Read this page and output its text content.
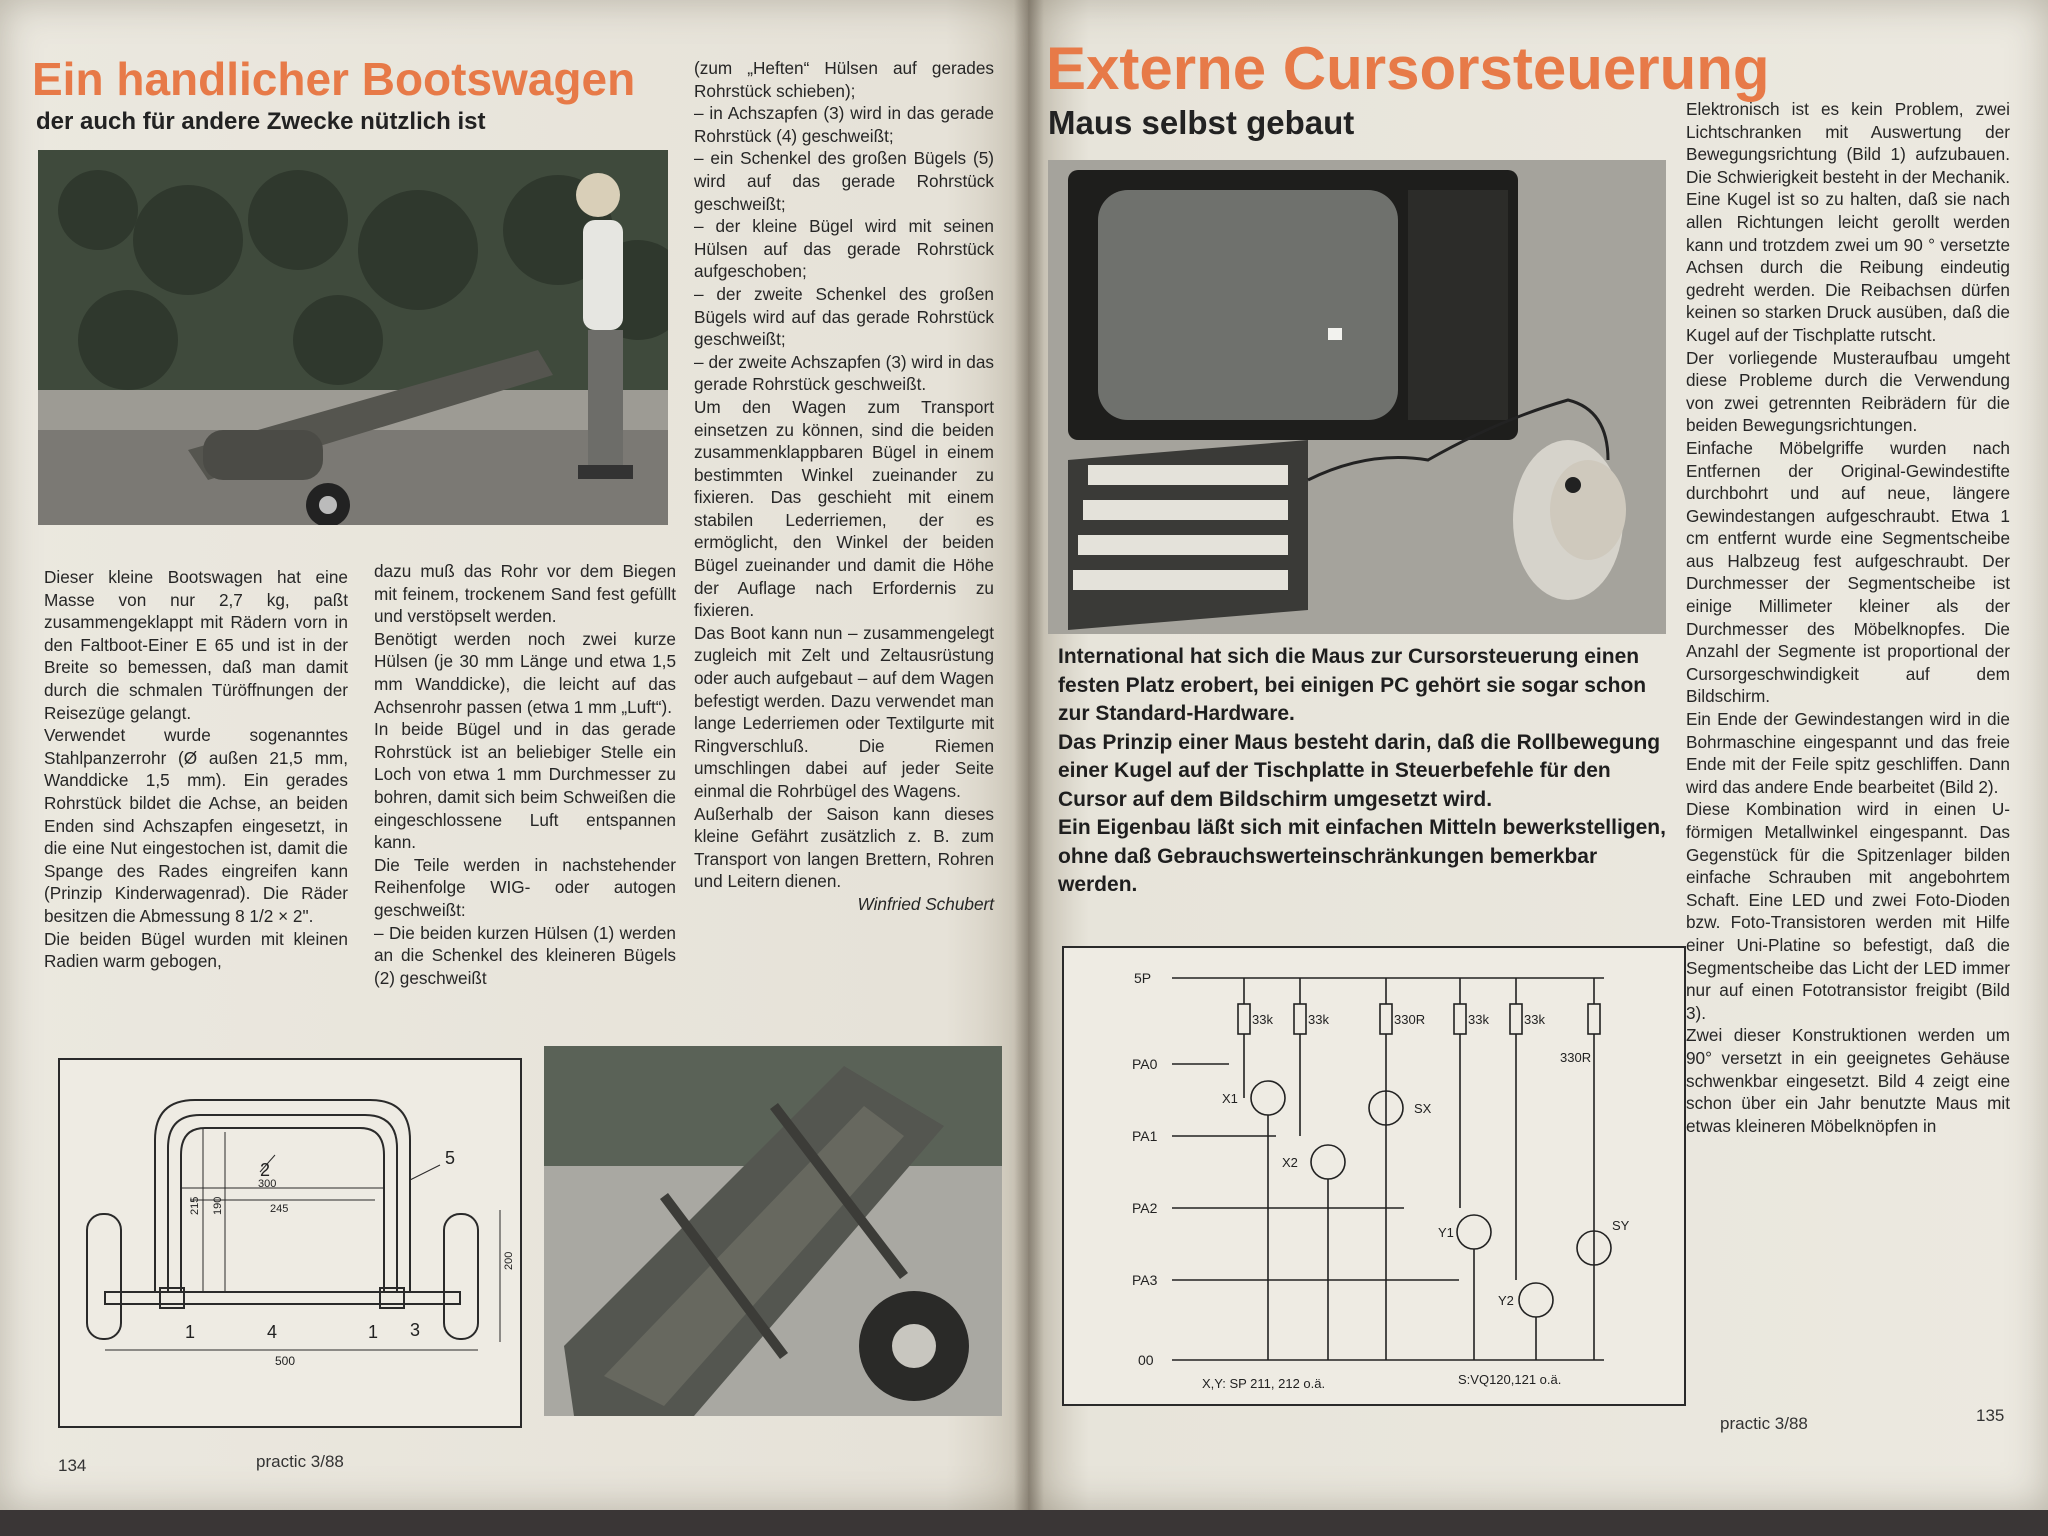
Ein handlicher Bootswagen
der auch für andere Zwecke nützlich ist

Dieser kleine Bootswagen hat eine Masse von nur 2,7 kg, paßt zusammengeklappt mit Rädern vorn in den Faltboot-Einer E 65 und ist in der Breite so bemessen, daß man damit durch die schmalen Türöffnungen der Reisezüge gelangt.

Verwendet wurde sogenanntes Stahlpanzerrohr (Ø außen 21,5 mm, Wanddicke 1,5 mm). Ein gerades Rohrstück bildet die Achse, an beiden Enden sind Achszapfen eingesetzt, in die eine Nut eingestochen ist, damit die Spange des Rades eingreifen kann (Prinzip Kinderwagenrad). Die Räder besitzen die Abmessung 8 1/2 × 2".

Die beiden Bügel wurden mit kleinen Radien warm gebogen,

dazu muß das Rohr vor dem Biegen mit feinem, trockenem Sand fest gefüllt und verstöpselt werden.

Benötigt werden noch zwei kurze Hülsen (je 30 mm Länge und etwa 1,5 mm Wanddicke), die leicht auf das Achsenrohr passen (etwa 1 mm „Luft“).

In beide Bügel und in das gerade Rohrstück ist an beliebiger Stelle ein Loch von etwa 1 mm Durchmesser zu bohren, damit sich beim Schweißen die eingeschlossene Luft entspannen kann.

Die Teile werden in nachstehender Reihenfolge WIG- oder autogen geschweißt:

– Die beiden kurzen Hülsen (1) werden an die Schenkel des kleineren Bügels (2) geschweißt

(zum „Heften“ Hülsen auf gerades Rohrstück schieben);

– in Achszapfen (3) wird in das gerade Rohrstück (4) geschweißt;

– ein Schenkel des großen Bügels (5) wird auf das gerade Rohrstück geschweißt;

– der kleine Bügel wird mit seinen Hülsen auf das gerade Rohrstück aufgeschoben;

– der zweite Schenkel des großen Bügels wird auf das gerade Rohrstück geschweißt;

– der zweite Achszapfen (3) wird in das gerade Rohrstück geschweißt.

Um den Wagen zum Transport einsetzen zu können, sind die beiden zusammenklappbaren Bügel in einem bestimmten Winkel zueinander zu fixieren. Das geschieht mit einem stabilen Lederriemen, der es ermöglicht, den Winkel der beiden Bügel zueinander und damit die Höhe der Auflage nach Erfordernis zu fixieren.

Das Boot kann nun – zusammengelegt zugleich mit Zelt und Zeltausrüstung oder auch aufgebaut – auf dem Wagen befestigt werden. Dazu verwendet man lange Lederriemen oder Textilgurte mit Ringverschluß. Die Riemen umschlingen dabei auf jeder Seite einmal die Rohrbügel des Wagens.

Außerhalb der Saison kann dieses kleine Gefährt zusätzlich z. B. zum Transport von langen Brettern, Rohren und Leitern dienen.

Winfried Schubert

300
245
215 190
200
500
2
5
1	4	1 3
134	practic 3/88
Externe Cursorsteuerung
Maus selbst gebaut

International hat sich die Maus zur Cursorsteuerung einen festen Platz erobert, bei einigen PC gehört sie sogar schon zur Standard-Hardware.

Das Prinzip einer Maus besteht darin, daß die Rollbewegung einer Kugel auf der Tischplatte in Steuerbefehle für den Cursor auf dem Bildschirm umgesetzt wird.

Ein Eigenbau läßt sich mit einfachen Mitteln bewerkstelligen, ohne daß Gebrauchswerteinschränkungen bemerkbar werden.

5P
PA0
PA1
PA2
PA3
00
33k	33k	330R	33k	33k
330R
X1
X2
SX
Y1
Y2
SY
X,Y: SP 211, 212 o.ä.	S:VQ120,121 o.ä.

Elektronisch ist es kein Problem, zwei Lichtschranken mit Auswertung der Bewegungsrichtung (Bild 1) aufzubauen. Die Schwierigkeit besteht in der Mechanik. Eine Kugel ist so zu halten, daß sie nach allen Richtungen leicht gerollt werden kann und trotzdem zwei um 90 ° versetzte Achsen durch die Reibung eindeutig gedreht werden. Die Reibachsen dürfen keinen so starken Druck ausüben, daß die Kugel auf der Tischplatte rutscht.

Der vorliegende Musteraufbau umgeht diese Probleme durch die Verwendung von zwei getrennten Reibrädern für die beiden Bewegungsrichtungen.

Einfache Möbelgriffe wurden nach Entfernen der Original-Gewindestifte durchbohrt und auf neue, längere Gewindestangen aufgeschraubt. Etwa 1 cm entfernt wurde eine Segmentscheibe aus Halbzeug fest aufgeschraubt. Der Durchmesser der Segmentscheibe ist einige Millimeter kleiner als der Durchmesser des Möbelknopfes. Die Anzahl der Segmente ist proportional der Cursorgeschwindigkeit auf dem Bildschirm.

Ein Ende der Gewindestangen wird in die Bohrmaschine eingespannt und das freie Ende mit der Feile spitz geschliffen. Dann wird das andere Ende bearbeitet (Bild 2).

Diese Kombination wird in einen U-förmigen Metallwinkel eingespannt. Das Gegenstück für die Spitzenlager bilden einfache Schrauben mit angebohrtem Schaft. Eine LED und zwei Foto-Dioden bzw. Foto-Transistoren werden mit Hilfe einer Uni-Platine so befestigt, daß die Segmentscheibe das Licht der LED immer nur auf einen Fototransistor freigibt (Bild 3).

Zwei dieser Konstruktionen werden um 90° versetzt in ein geeignetes Gehäuse schwenkbar eingesetzt. Bild 4 zeigt eine schon über ein Jahr benutzte Maus mit etwas kleineren Möbelknöpfen in

practic 3/88	135
